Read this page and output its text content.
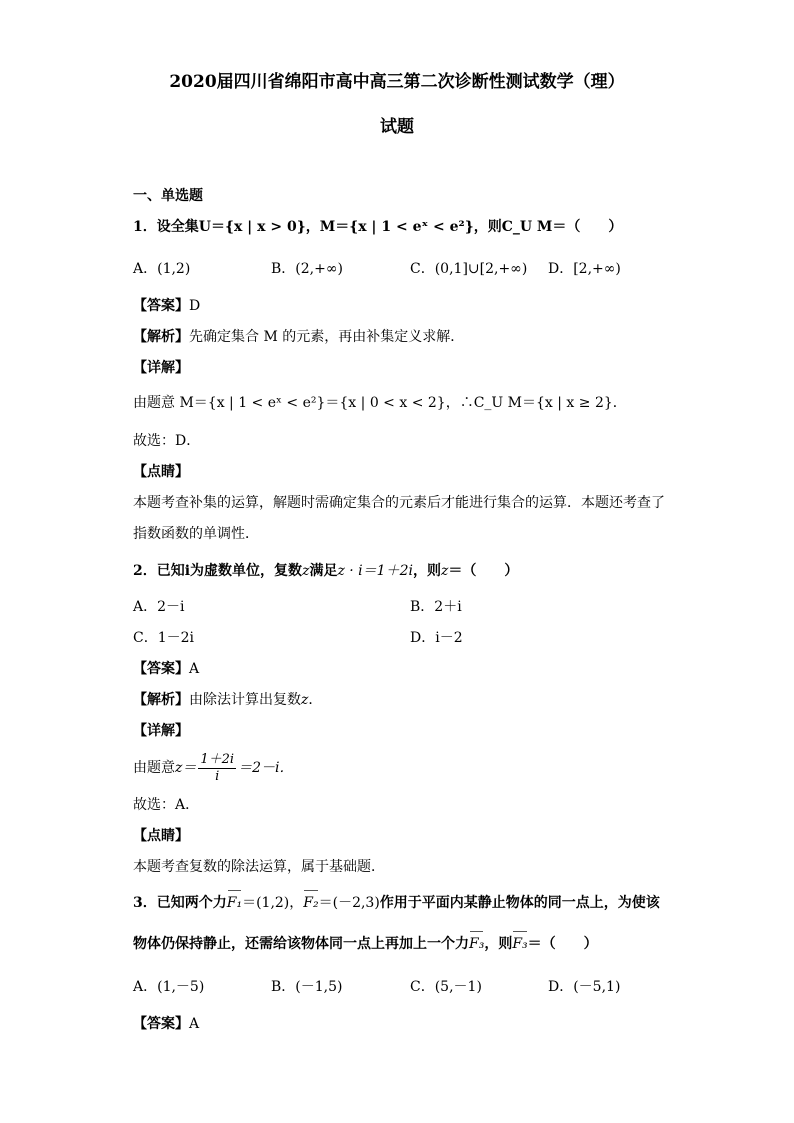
2020届四川省绵阳市高中高三第二次诊断性测试数学（理）
试题
一、单选题
1．设全集U＝{x | x > 0}，M＝{x | 1 < eˣ < e²}，则C_U M＝（　　）
A．(1,2)	B．(2,+∞)	C．(0,1]∪[2,+∞) D．[2,+∞)
【答案】D
【解析】先确定集合 M 的元素，再由补集定义求解．
【详解】
由题意 M＝{x | 1 < eˣ < e²}＝{x | 0 < x < 2}，∴C_U M＝{x | x ≥ 2}．
故选：D．
【点睛】
本题考查补集的运算，解题时需确定集合的元素后才能进行集合的运算．本题还考查了
指数函数的单调性．
2．已知i为虚数单位，复数z满足z · i＝1＋2i，则z＝（　　）
A．2－i	B．2＋i
C．1－2i	D．i－2
【答案】A
【解析】由除法计算出复数z．
【详解】
由题意$z= \frac{1+2i}{i} =2-i$．
故选：A．
【点睛】
本题考查复数的除法运算，属于基础题．
3．已知两个力F₁＝(1,2)，F₂＝(－2,3)作用于平面内某静止物体的同一点上，为使该
物体仍保持静止，还需给该物体同一点上再加上一个力F₃，则F₃＝（　　）
A．(1,－5)	B．(－1,5)	C．(5,－1)	D．(－5,1)
【答案】A
